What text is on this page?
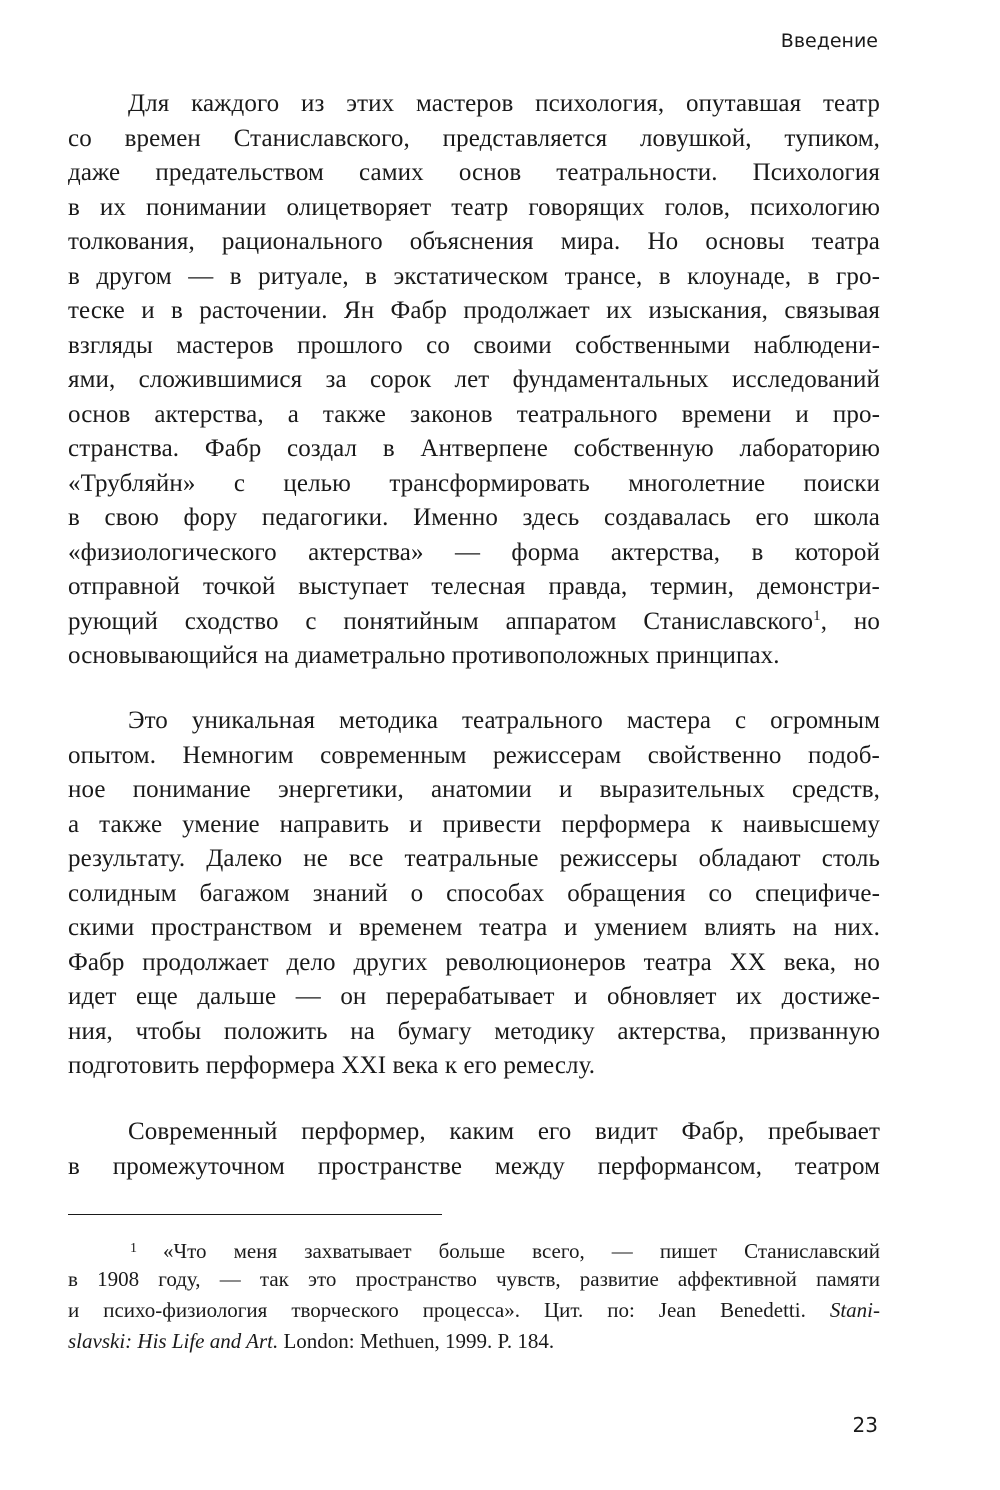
Введение
Для каждого из этих мастеров психология, опутавшая театр
со времен Станиславского, представляется ловушкой, тупиком,
даже предательством самих основ театральности. Психология
в их понимании олицетворяет театр говорящих голов, психологию
толкования, рационального объяснения мира. Но основы театра
в другом — в ритуале, в экстатическом трансе, в клоунаде, в гро-
теске и в расточении. Ян Фабр продолжает их изыскания, связывая
взгляды мастеров прошлого со своими собственными наблюдени-
ями, сложившимися за сорок лет фундаментальных исследований
основ актерства, а также законов театрального времени и про-
странства. Фабр создал в Антверпене собственную лабораторию
«Трубляйн» с целью трансформировать многолетние поиски
в свою фору педагогики. Именно здесь создавалась его школа
«физиологического актерства» — форма актерства, в которой
отправной точкой выступает телесная правда, термин, демонстри-
рующий сходство с понятийным аппаратом Станиславского$^1$, но
основывающийся на диаметрально противоположных принципах.
Это уникальная методика театрального мастера с огромным
опытом. Немногим современным режиссерам свойственно подоб-
ное понимание энергетики, анатомии и выразительных средств,
а также умение направить и привести перформера к наивысшему
результату. Далеко не все театральные режиссеры обладают столь
солидным багажом знаний о способах обращения со специфиче-
скими пространством и временем театра и умением влиять на них.
Фабр продолжает дело других революционеров театра XX века, но
идет еще дальше — он перерабатывает и обновляет их достиже-
ния, чтобы положить на бумагу методику актерства, призванную
подготовить перформера XXI века к его ремеслу.
Современный перформер, каким его видит Фабр, пребывает
в промежуточном пространстве между перформансом, театром
$^1$ «Что меня захватывает больше всего, — пишет Станиславский
в 1908 году, — так это пространство чувств, развитие аффективной памяти
и психо-физиология творческого процесса». Цит. по: Jean Benedetti. Stani-
slavski: His Life and Art. London: Methuen, 1999. P. 184.
23
